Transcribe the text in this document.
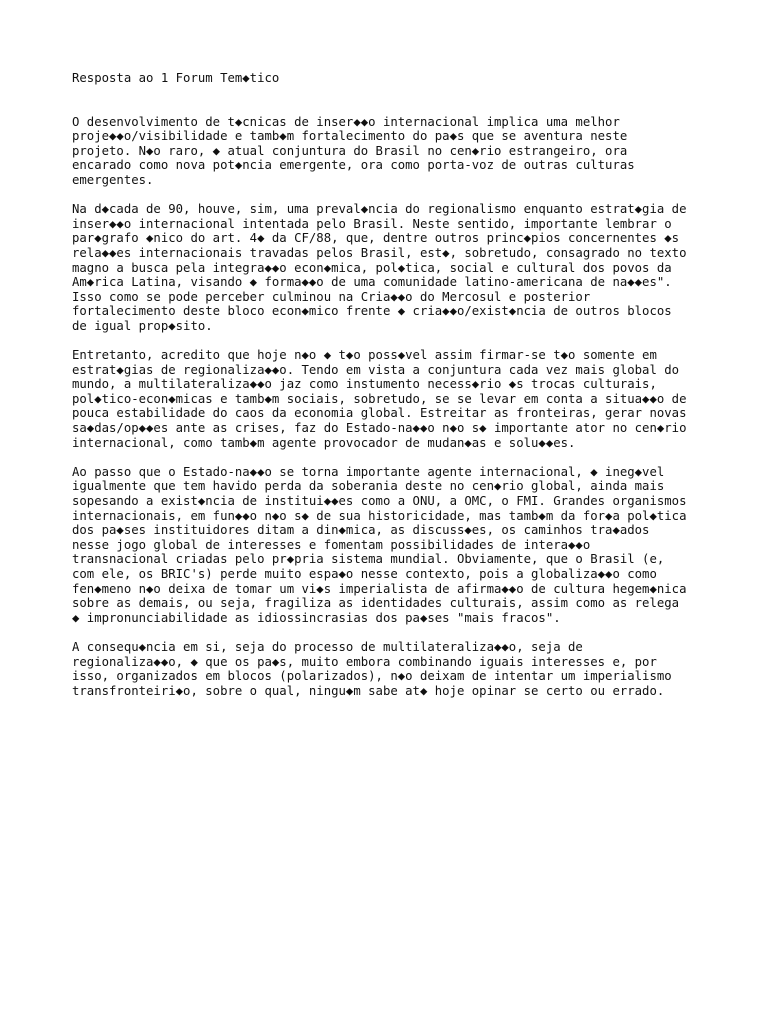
Resposta ao 1 Forum Tem◆tico
O desenvolvimento de t◆cnicas de inser◆◆o internacional implica uma melhor
proje◆◆o/visibilidade e tamb◆m fortalecimento do pa◆s que se aventura neste
projeto. N◆o raro, ◆ atual conjuntura do Brasil no cen◆rio estrangeiro, ora
encarado como nova pot◆ncia emergente, ora como porta-voz de outras culturas
emergentes.
Na d◆cada de 90, houve, sim, uma preval◆ncia do regionalismo enquanto estrat◆gia de
inser◆◆o internacional intentada pelo Brasil. Neste sentido, importante lembrar o
par◆grafo ◆nico do art. 4◆ da CF/88, que, dentre outros princ◆pios concernentes ◆s
rela◆◆es internacionais travadas pelos Brasil, est◆, sobretudo, consagrado no texto
magno a busca pela integra◆◆o econ◆mica, pol◆tica, social e cultural dos povos da
Am◆rica Latina, visando ◆ forma◆◆o de uma comunidade latino-americana de na◆◆es".
Isso como se pode perceber culminou na Cria◆◆o do Mercosul e posterior
fortalecimento deste bloco econ◆mico frente ◆ cria◆◆o/exist◆ncia de outros blocos
de igual prop◆sito.
Entretanto, acredito que hoje n◆o ◆ t◆o poss◆vel assim firmar-se t◆o somente em
estrat◆gias de regionaliza◆◆o. Tendo em vista a conjuntura cada vez mais global do
mundo, a multilateraliza◆◆o jaz como instumento necess◆rio ◆s trocas culturais,
pol◆tico-econ◆micas e tamb◆m sociais, sobretudo, se se levar em conta a situa◆◆o de
pouca estabilidade do caos da economia global. Estreitar as fronteiras, gerar novas
sa◆das/op◆◆es ante as crises, faz do Estado-na◆◆o n◆o s◆ importante ator no cen◆rio
internacional, como tamb◆m agente provocador de mudan◆as e solu◆◆es.
Ao passo que o Estado-na◆◆o se torna importante agente internacional, ◆ ineg◆vel
igualmente que tem havido perda da soberania deste no cen◆rio global, ainda mais
sopesando a exist◆ncia de institui◆◆es como a ONU, a OMC, o FMI. Grandes organismos
internacionais, em fun◆◆o n◆o s◆ de sua historicidade, mas tamb◆m da for◆a pol◆tica
dos pa◆ses instituidores ditam a din◆mica, as discuss◆es, os caminhos tra◆ados
nesse jogo global de interesses e fomentam possibilidades de intera◆◆o
transnacional criadas pelo pr◆pria sistema mundial. Obviamente, que o Brasil (e,
com ele, os BRIC's) perde muito espa◆o nesse contexto, pois a globaliza◆◆o como
fen◆meno n◆o deixa de tomar um vi◆s imperialista de afirma◆◆o de cultura hegem◆nica
sobre as demais, ou seja, fragiliza as identidades culturais, assim como as relega
◆ impronunciabilidade as idiossincrasias dos pa◆ses "mais fracos".
A consequ◆ncia em si, seja do processo de multilateraliza◆◆o, seja de
regionaliza◆◆o, ◆ que os pa◆s, muito embora combinando iguais interesses e, por
isso, organizados em blocos (polarizados), n◆o deixam de intentar um imperialismo
transfronteiri◆o, sobre o qual, ningu◆m sabe at◆ hoje opinar se certo ou errado.
